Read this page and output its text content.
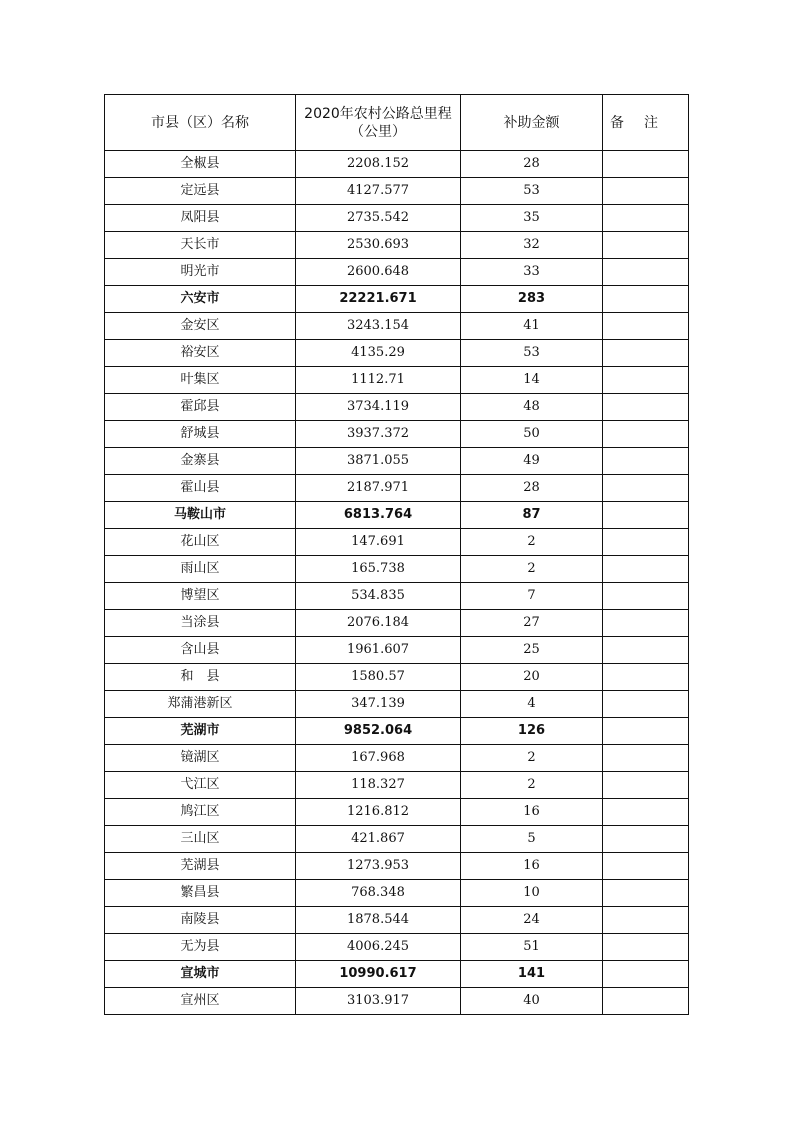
市县（区）名称	2020年农村公路总里程（公里）	补助金额	备注
全椒县	2208.152	28	
定远县	4127.577	53	
凤阳县	2735.542	35	
天长市	2530.693	32	
明光市	2600.648	33	
六安市	22221.671	283	
金安区	3243.154	41	
裕安区	4135.29	53	
叶集区	1112.71	14	
霍邱县	3734.119	48	
舒城县	3937.372	50	
金寨县	3871.055	49	
霍山县	2187.971	28	
马鞍山市	6813.764	87	
花山区	147.691	2	
雨山区	165.738	2	
博望区	534.835	7	
当涂县	2076.184	27	
含山县	1961.607	25	
和　县	1580.57	20	
郑蒲港新区	347.139	4	
芜湖市	9852.064	126	
镜湖区	167.968	2	
弋江区	118.327	2	
鸠江区	1216.812	16	
三山区	421.867	5	
芜湖县	1273.953	16	
繁昌县	768.348	10	
南陵县	1878.544	24	
无为县	4006.245	51	
宣城市	10990.617	141	
宣州区	3103.917	40	
